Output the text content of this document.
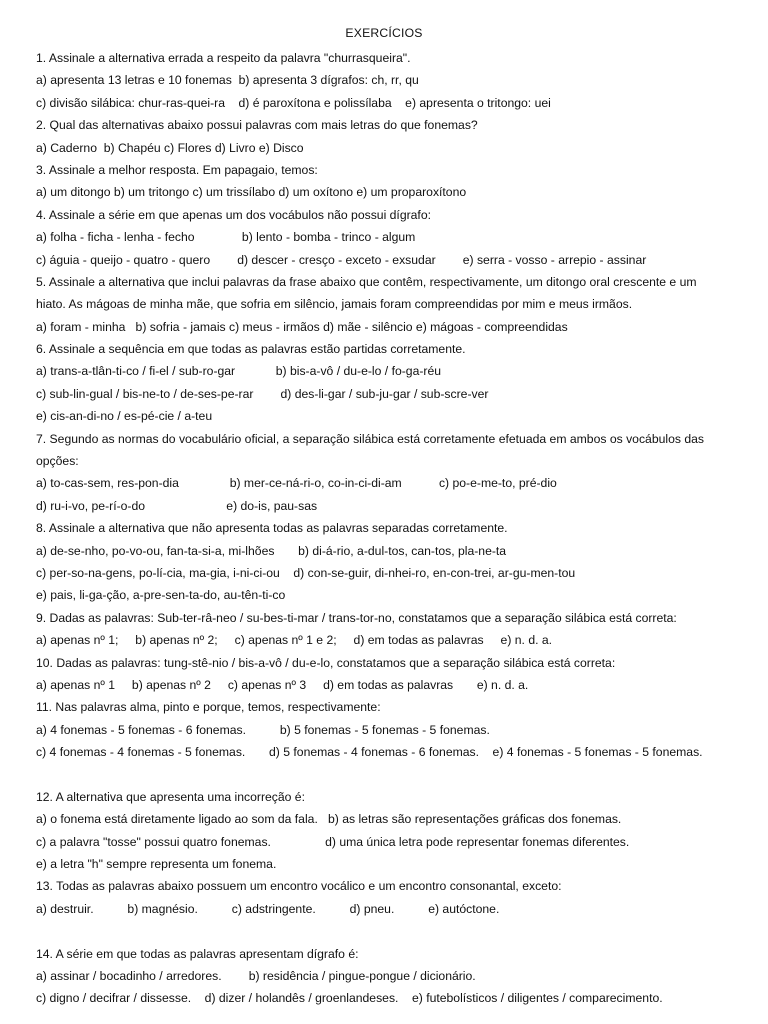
EXERCÍCIOS
1. Assinale a alternativa errada a respeito da palavra "churrasqueira".
a) apresenta 13 letras e 10 fonemas  b) apresenta 3 dígrafos: ch, rr, qu
c) divisão silábica: chur-ras-quei-ra    d) é paroxítona e polissílaba    e) apresenta o tritongo: uei
2. Qual das alternativas abaixo possui palavras com mais letras do que fonemas?
a) Caderno  b) Chapéu c) Flores d) Livro e) Disco
3. Assinale a melhor resposta. Em papagaio, temos:
a) um ditongo b) um tritongo c) um trissílabo d) um oxítono e) um proparoxítono
4. Assinale a série em que apenas um dos vocábulos não possui dígrafo:
a) folha - ficha - lenha - fecho              b) lento - bomba - trinco - algum
c) águia - queijo - quatro - quero        d) descer - cresço - exceto - exsudar        e) serra - vosso - arrepio - assinar
5. Assinale a alternativa que inclui palavras da frase abaixo que contêm, respectivamente, um ditongo oral crescente e um
hiato. As mágoas de minha mãe, que sofria em silêncio, jamais foram compreendidas por mim e meus irmãos.
a) foram - minha   b) sofria - jamais c) meus - irmãos d) mãe - silêncio e) mágoas - compreendidas
6. Assinale a sequência em que todas as palavras estão partidas corretamente.
a) trans-a-tlân-ti-co / fi-el / sub-ro-gar            b) bis-a-vô / du-e-lo / fo-ga-réu
c) sub-lin-gual / bis-ne-to / de-ses-pe-rar        d) des-li-gar / sub-ju-gar / sub-scre-ver
e) cis-an-di-no / es-pé-cie / a-teu
7. Segundo as normas do vocabulário oficial, a separação silábica está corretamente efetuada em ambos os vocábulos das
opções:
a) to-cas-sem, res-pon-dia               b) mer-ce-ná-ri-o, co-in-ci-di-am           c) po-e-me-to, pré-dio
d) ru-i-vo, pe-rí-o-do                        e) do-is, pau-sas
8. Assinale a alternativa que não apresenta todas as palavras separadas corretamente.
a) de-se-nho, po-vo-ou, fan-ta-si-a, mi-lhões       b) di-á-rio, a-dul-tos, can-tos, pla-ne-ta
c) per-so-na-gens, po-lí-cia, ma-gia, i-ni-ci-ou    d) con-se-guir, di-nhei-ro, en-con-trei, ar-gu-men-tou
e) pais, li-ga-ção, a-pre-sen-ta-do, au-tên-ti-co
9. Dadas as palavras: Sub-ter-râ-neo / su-bes-ti-mar / trans-tor-no, constatamos que a separação silábica está correta:
a) apenas nº 1;     b) apenas nº 2;     c) apenas nº 1 e 2;     d) em todas as palavras     e) n. d. a.
10. Dadas as palavras: tung-stê-nio / bis-a-vô / du-e-lo, constatamos que a separação silábica está correta:
a) apenas nº 1     b) apenas nº 2     c) apenas nº 3     d) em todas as palavras       e) n. d. a.
11. Nas palavras alma, pinto e porque, temos, respectivamente:
a) 4 fonemas - 5 fonemas - 6 fonemas.          b) 5 fonemas - 5 fonemas - 5 fonemas.
c) 4 fonemas - 4 fonemas - 5 fonemas.       d) 5 fonemas - 4 fonemas - 6 fonemas.    e) 4 fonemas - 5 fonemas - 5 fonemas.
12. A alternativa que apresenta uma incorreção é:
a) o fonema está diretamente ligado ao som da fala.   b) as letras são representações gráficas dos fonemas.
c) a palavra "tosse" possui quatro fonemas.                d) uma única letra pode representar fonemas diferentes.
e) a letra "h" sempre representa um fonema.
13. Todas as palavras abaixo possuem um encontro vocálico e um encontro consonantal, exceto:
a) destruir.          b) magnésio.          c) adstringente.          d) pneu.          e) autóctone.
14. A série em que todas as palavras apresentam dígrafo é:
a) assinar / bocadinho / arredores.        b) residência / pingue-pongue / dicionário.
c) digno / decifrar / dissesse.    d) dizer / holandês / groenlandeses.    e) futebolísticos / diligentes / comparecimento.
